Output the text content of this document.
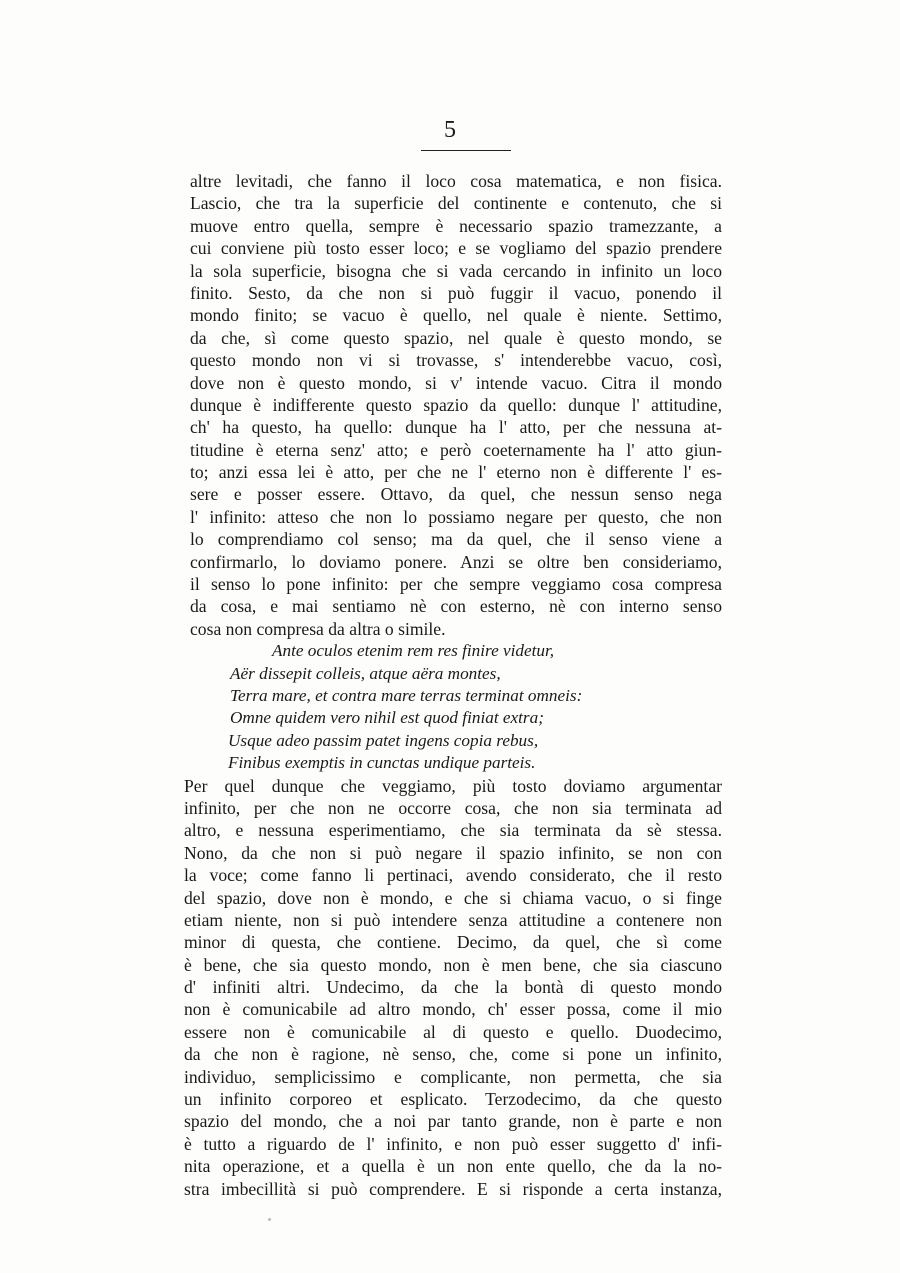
5
altre levitadi, che fanno il loco cosa matematica, e non fisica.
Lascio, che tra la superficie del continente e contenuto, che si
muove entro quella, sempre è necessario spazio tramezzante, a
cui conviene più tosto esser loco; e se vogliamo del spazio prendere
la sola superficie, bisogna che si vada cercando in infinito un loco
finito. Sesto, da che non si può fuggir il vacuo, ponendo il
mondo finito; se vacuo è quello, nel quale è niente. Settimo,
da che, sì come questo spazio, nel quale è questo mondo, se
questo mondo non vi si trovasse, s' intenderebbe vacuo, così,
dove non è questo mondo, si v' intende vacuo. Citra il mondo
dunque è indifferente questo spazio da quello: dunque l' attitudine,
ch' ha questo, ha quello: dunque ha l' atto, per che nessuna at-
titudine è eterna senz' atto; e però coeternamente ha l' atto giun-
to; anzi essa lei è atto, per che ne l' eterno non è differente l' es-
sere e posser essere. Ottavo, da quel, che nessun senso nega
l' infinito: atteso che non lo possiamo negare per questo, che non
lo comprendiamo col senso; ma da quel, che il senso viene a
confirmarlo, lo doviamo ponere. Anzi se oltre ben consideriamo,
il senso lo pone infinito: per che sempre veggiamo cosa compresa
da cosa, e mai sentiamo nè con esterno, nè con interno senso
cosa non compresa da altra o simile.
Ante oculos etenim rem res finire videtur,
Aër dissepit colleis, atque aëra montes,
Terra mare, et contra mare terras terminat omneis:
Omne quidem vero nihil est quod finiat extra;
Usque adeo passim patet ingens copia rebus,
Finibus exemptis in cunctas undique parteis.
Per quel dunque che veggiamo, più tosto doviamo argumentar
infinito, per che non ne occorre cosa, che non sia terminata ad
altro, e nessuna esperimentiamo, che sia terminata da sè stessa.
Nono, da che non si può negare il spazio infinito, se non con
la voce; come fanno li pertinaci, avendo considerato, che il resto
del spazio, dove non è mondo, e che si chiama vacuo, o si finge
etiam niente, non si può intendere senza attitudine a contenere non
minor di questa, che contiene. Decimo, da quel, che sì come
è bene, che sia questo mondo, non è men bene, che sia ciascuno
d' infiniti altri. Undecimo, da che la bontà di questo mondo
non è comunicabile ad altro mondo, ch' esser possa, come il mio
essere non è comunicabile al di questo e quello. Duodecimo,
da che non è ragione, nè senso, che, come si pone un infinito,
individuo, semplicissimo e complicante, non permetta, che sia
un infinito corporeo et esplicato. Terzodecimo, da che questo
spazio del mondo, che a noi par tanto grande, non è parte e non
è tutto a riguardo de l' infinito, e non può esser suggetto d' infi-
nita operazione, et a quella è un non ente quello, che da la no-
stra imbecillità si può comprendere. E si risponde a certa instanza,
